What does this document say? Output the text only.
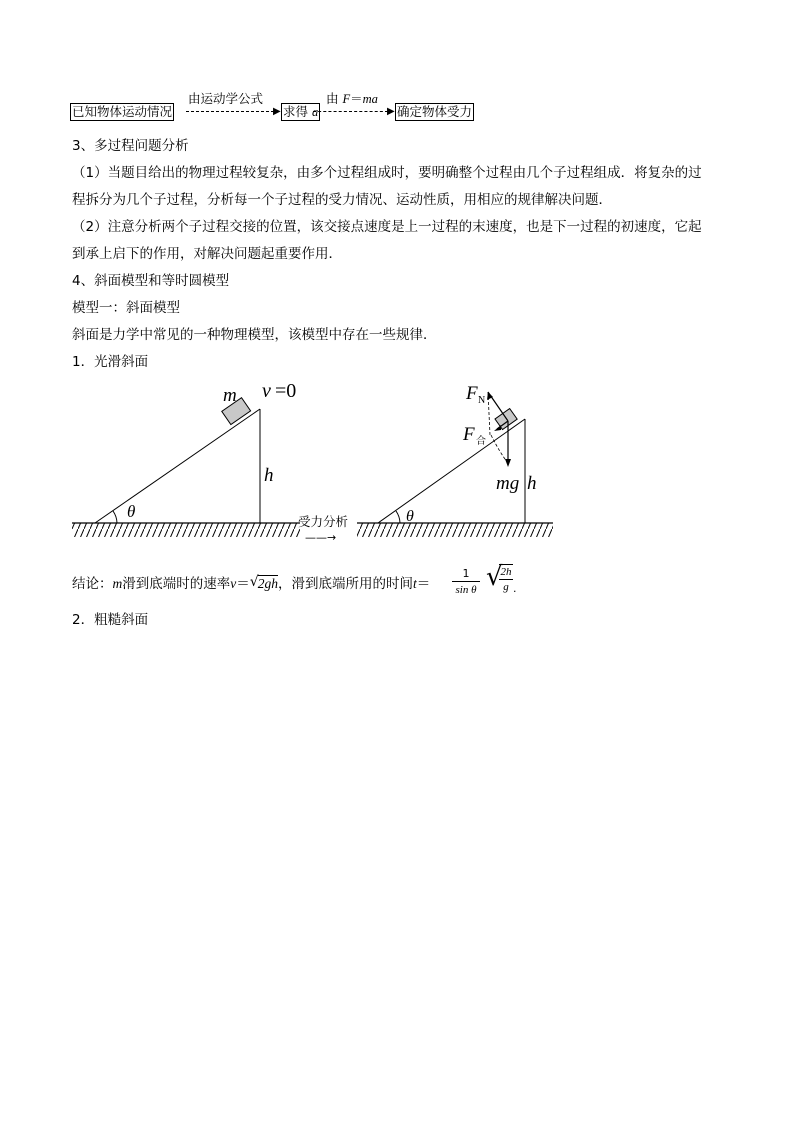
已知物体运动情况
由运动学公式
▶ 求得 a
由 F＝ma
▶ 确定物体受力
3、多过程问题分析
（1）当题目给出的物理过程较复杂，由多个过程组成时，要明确整个过程由几个子过程组成．将复杂的过
程拆分为几个子过程，分析每一个子过程的受力情况、运动性质，用相应的规律解决问题．
（2）注意分析两个子过程交接的位置，该交接点速度是上一过程的末速度，也是下一过程的初速度，它起
到承上启下的作用，对解决问题起重要作用．
4、斜面模型和等时圆模型
模型一：斜面模型
斜面是力学中常见的一种物理模型，该模型中存在一些规律．
1．光滑斜面
m v =0
h
θ
受力分析
——→
F N
F 合
mg h
θ
结论：m滑到底端时的速率v＝ √ 2gh，滑到底端所用的时间t＝	$\frac{1}{\text{sin θ}}$ √
$\frac{2h}{g}$ .
2．粗糙斜面
